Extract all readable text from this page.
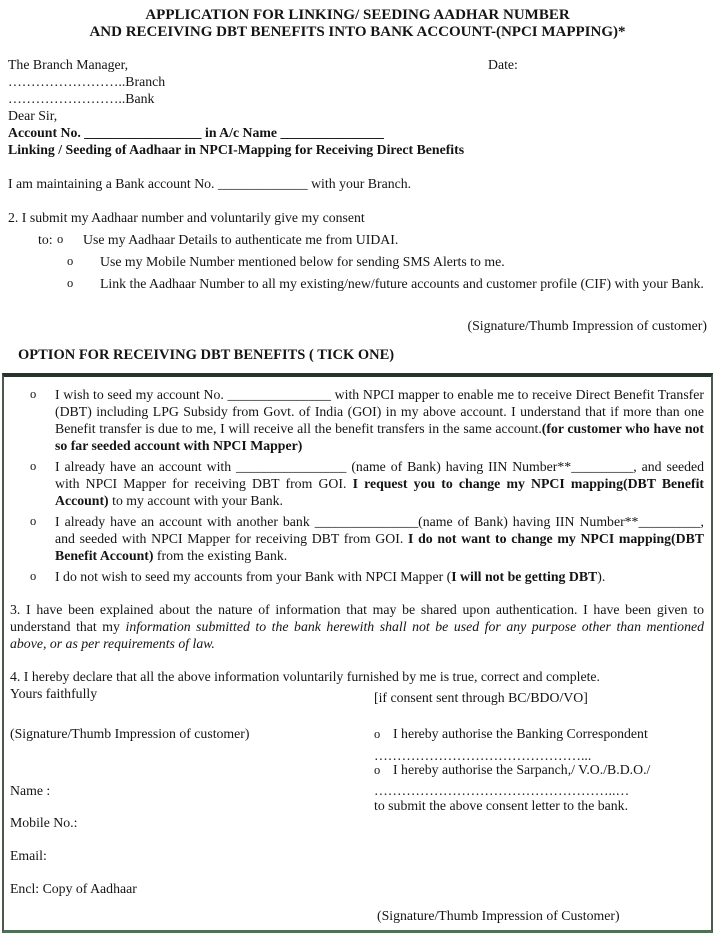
APPLICATION FOR LINKING/ SEEDING AADHAR NUMBER
AND RECEIVING DBT BENEFITS INTO BANK ACCOUNT-(NPCI MAPPING)*
The Branch Manager,	Date:
……………………..Branch
……………………..Bank
Dear Sir,
Account No. _________________ in A/c Name _______________
Linking / Seeding of Aadhaar in NPCI-Mapping for Receiving Direct Benefits
I am maintaining a Bank account No. _____________ with your Branch.
2. I submit my Aadhaar number and voluntarily give my consent
to: o	Use my Aadhaar Details to authenticate me from UIDAI.
o	Use my Mobile Number mentioned below for sending SMS Alerts to me.
o	Link the Aadhaar Number to all my existing/new/future accounts and customer profile (CIF) with your Bank.
(Signature/Thumb Impression of customer)
OPTION FOR RECEIVING DBT BENEFITS ( TICK ONE)
o	I wish to seed my account No. _______________ with NPCI mapper to enable me to receive Direct Benefit Transfer (DBT) including LPG Subsidy from Govt. of India (GOI) in my above account. I understand that if more than one Benefit transfer is due to me, I will receive all the benefit transfers in the same account.(for customer who have not so far seeded account with NPCI Mapper)
o	I already have an account with ________________ (name of Bank) having IIN Number**_________, and seeded with NPCI Mapper for receiving DBT from GOI. I request you to change my NPCI mapping(DBT Benefit Account) to my account with your Bank.
o	I already have an account with another bank _______________(name of Bank) having IIN Number**_________, and seeded with NPCI Mapper for receiving DBT from GOI. I do not want to change my NPCI mapping(DBT Benefit Account) from the existing Bank.
o	I do not wish to seed my accounts from your Bank with NPCI Mapper (I will not be getting DBT).
3. I have been explained about the nature of information that may be shared upon authentication. I have been given to understand that my information submitted to the bank herewith shall not be used for any purpose other than mentioned above, or as per requirements of law.
4. I hereby declare that all the above information voluntarily furnished by me is true, correct and complete.
Yours faithfully	[if consent sent through BC/BDO/VO]
(Signature/Thumb Impression of customer)	o I hereby authorise the Banking Correspondent
………………………………………...
o I hereby authorise the Sarpanch,/ V.O./B.D.O./
Name :	……………………………………………..…
to submit the above consent letter to the bank.
Mobile No.:
Email:
Encl: Copy of Aadhaar
(Signature/Thumb Impression of Customer)
